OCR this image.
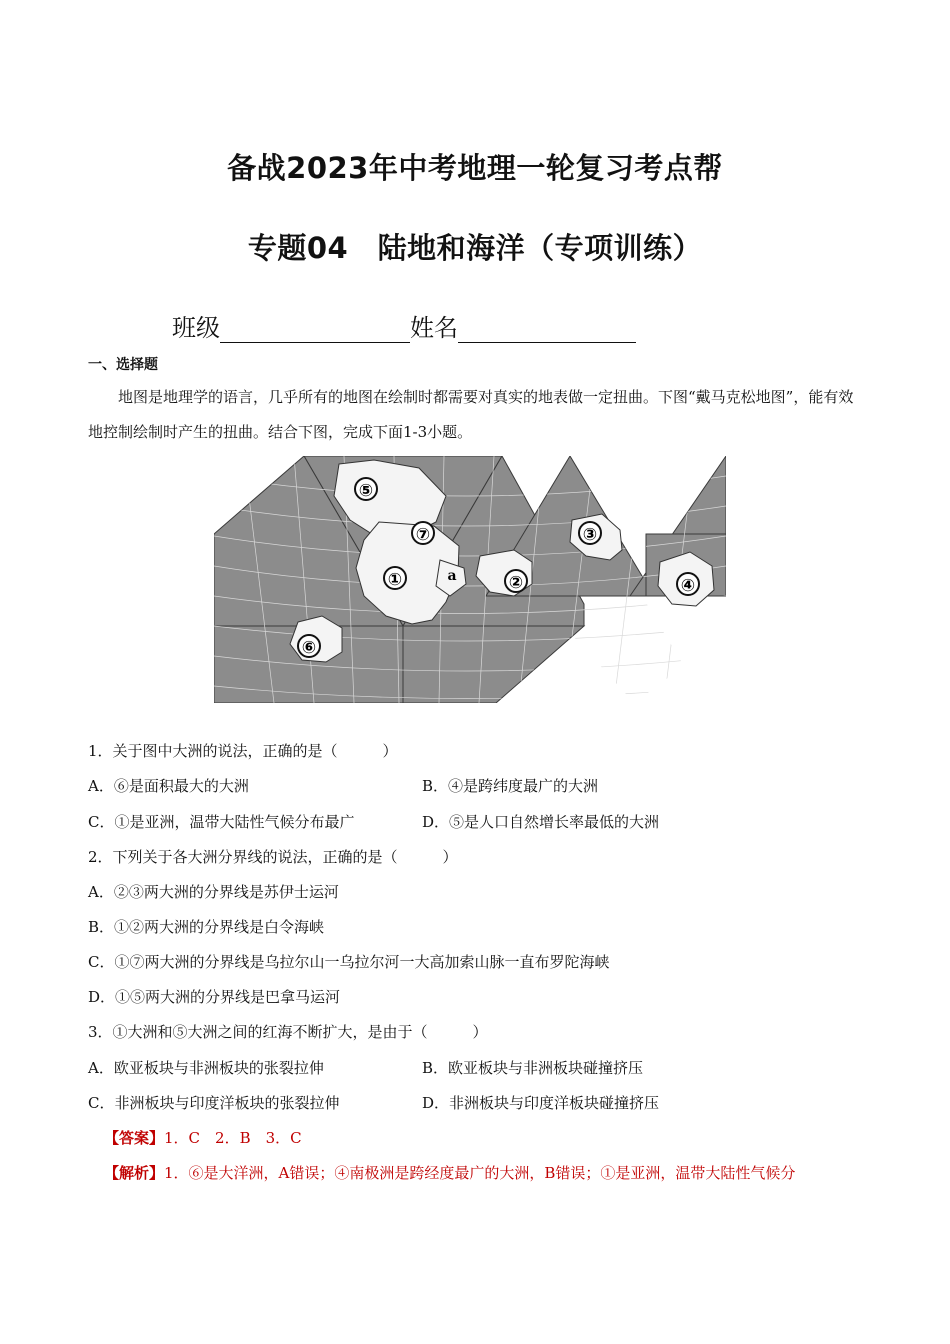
备战2023年中考地理一轮复习考点帮
专题04　陆地和海洋（专项训练）
班级	姓名
一、选择题
地图是地理学的语言，几乎所有的地图在绘制时都需要对真实的地表做一定扭曲。下图“戴马克松地图”，能有效地控制绘制时产生的扭曲。结合下图，完成下面1-3小题。
⑤
⑦
①	a	②
③
④
⑥
1．关于图中大洲的说法，正确的是（　　　）
A．⑥是面积最大的大洲	B．④是跨纬度最广的大洲
C．①是亚洲，温带大陆性气候分布最广	D．⑤是人口自然增长率最低的大洲
2．下列关于各大洲分界线的说法，正确的是（　　　）
A．②③两大洲的分界线是苏伊士运河
B．①②两大洲的分界线是白令海峡
C．①⑦两大洲的分界线是乌拉尔山一乌拉尔河一大高加索山脉一直布罗陀海峡
D．①⑤两大洲的分界线是巴拿马运河
3．①大洲和⑤大洲之间的红海不断扩大，是由于（　　　）
A．欧亚板块与非洲板块的张裂拉伸	B．欧亚板块与非洲板块碰撞挤压
C．非洲板块与印度洋板块的张裂拉伸	D．非洲板块与印度洋板块碰撞挤压
【答案】1．C　2．B　3．C
【解析】1．⑥是大洋洲，A错误；④南极洲是跨经度最广的大洲，B错误；①是亚洲，温带大陆性气候分
